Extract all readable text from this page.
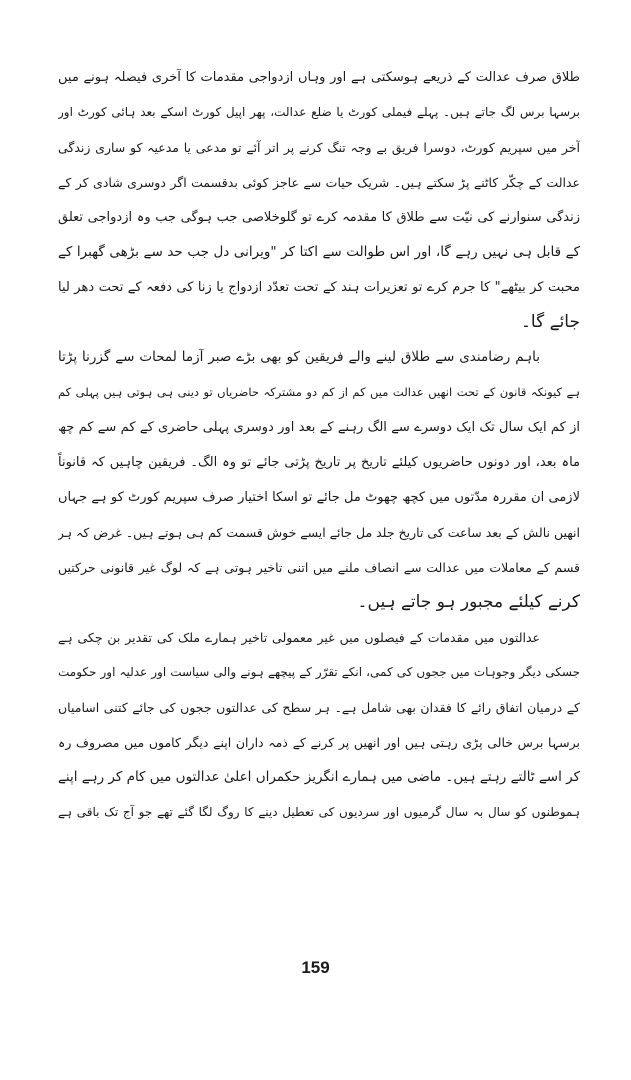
طلاق صرف عدالت کے ذریعے ہوسکتی ہے اور وہاں ازدواجی مقدمات کا آخری فیصلہ ہونے میں
برسہا برس لگ جاتے ہیں۔ پہلے فیملی کورٹ یا ضلع عدالت، پھر اپیل کورٹ اسکے بعد ہائی کورٹ اور
آخر میں سپریم کورٹ، دوسرا فریق بے وجہ تنگ کرنے پر اتر آئے تو مدعی یا مدعیہ کو ساری زندگی
عدالت کے چکّر کاٹنے پڑ سکتے ہیں۔ شریک حیات سے عاجز کوئی بدقسمت اگر دوسری شادی کر کے
زندگی سنوارنے کی نیّت سے طلاق کا مقدمہ کرے تو گلوخلاصی جب ہوگی جب وہ ازدواجی تعلق
کے قابل ہی نہیں رہے گا، اور اس طوالت سے اکتا کر "ویرانی دل جب حد سے بڑھی گھبرا کے
محبت کر بیٹھے" کا جرم کرے تو تعزیرات ہند کے تحت تعدّد ازدواج یا زنا کی دفعہ کے تحت دھر لیا
جائے گا۔

باہم رضامندی سے طلاق لینے والے فریقین کو بھی بڑے صبر آزما لمحات سے گزرنا پڑتا
ہے کیونکہ قانون کے تحت انھیں عدالت میں کم از کم دو مشترکہ حاضریاں تو دینی ہی ہوتی ہیں پہلی کم
از کم ایک سال تک ایک دوسرے سے الگ رہنے کے بعد اور دوسری پہلی حاضری کے کم سے کم چھ
ماہ بعد، اور دونوں حاضریوں کیلئے تاریخ پر تاریخ پڑتی جائے تو وہ الگ۔ فریقین چاہیں کہ قانوناً
لازمی ان مقررہ مدّتوں میں کچھ چھوٹ مل جائے تو اسکا اختیار صرف سپریم کورٹ کو ہے جہاں
انھیں نالش کے بعد ساعت کی تاریخ جلد مل جائے ایسے خوش قسمت کم ہی ہوتے ہیں۔ غرض کہ ہر
قسم کے معاملات میں عدالت سے انصاف ملنے میں اتنی تاخیر ہوتی ہے کہ لوگ غیر قانونی حرکتیں
کرنے کیلئے مجبور ہو جاتے ہیں۔

عدالتوں میں مقدمات کے فیصلوں میں غیر معمولی تاخیر ہمارے ملک کی تقدیر بن چکی ہے
جسکی دیگر وجوہات میں ججوں کی کمی، انکے تقرّر کے پیچھے ہونے والی سیاست اور عدلیہ اور حکومت
کے درمیان اتفاق رائے کا فقدان بھی شامل ہے۔ ہر سطح کی عدالتوں ججوں کی جائے کتنی اسامیاں
برسہا برس خالی پڑی رہتی ہیں اور انھیں پر کرنے کے ذمہ داران اپنے دیگر کاموں میں مصروف رہ
کر اسے ٹالتے رہتے ہیں۔ ماضی میں ہمارے انگریز حکمراں اعلیٰ عدالتوں میں کام کر رہے اپنے
ہموطنوں کو سال بہ سال گرمیوں اور سردیوں کی تعطیل دینے کا روگ لگا گئے تھے جو آج تک باقی ہے

159
